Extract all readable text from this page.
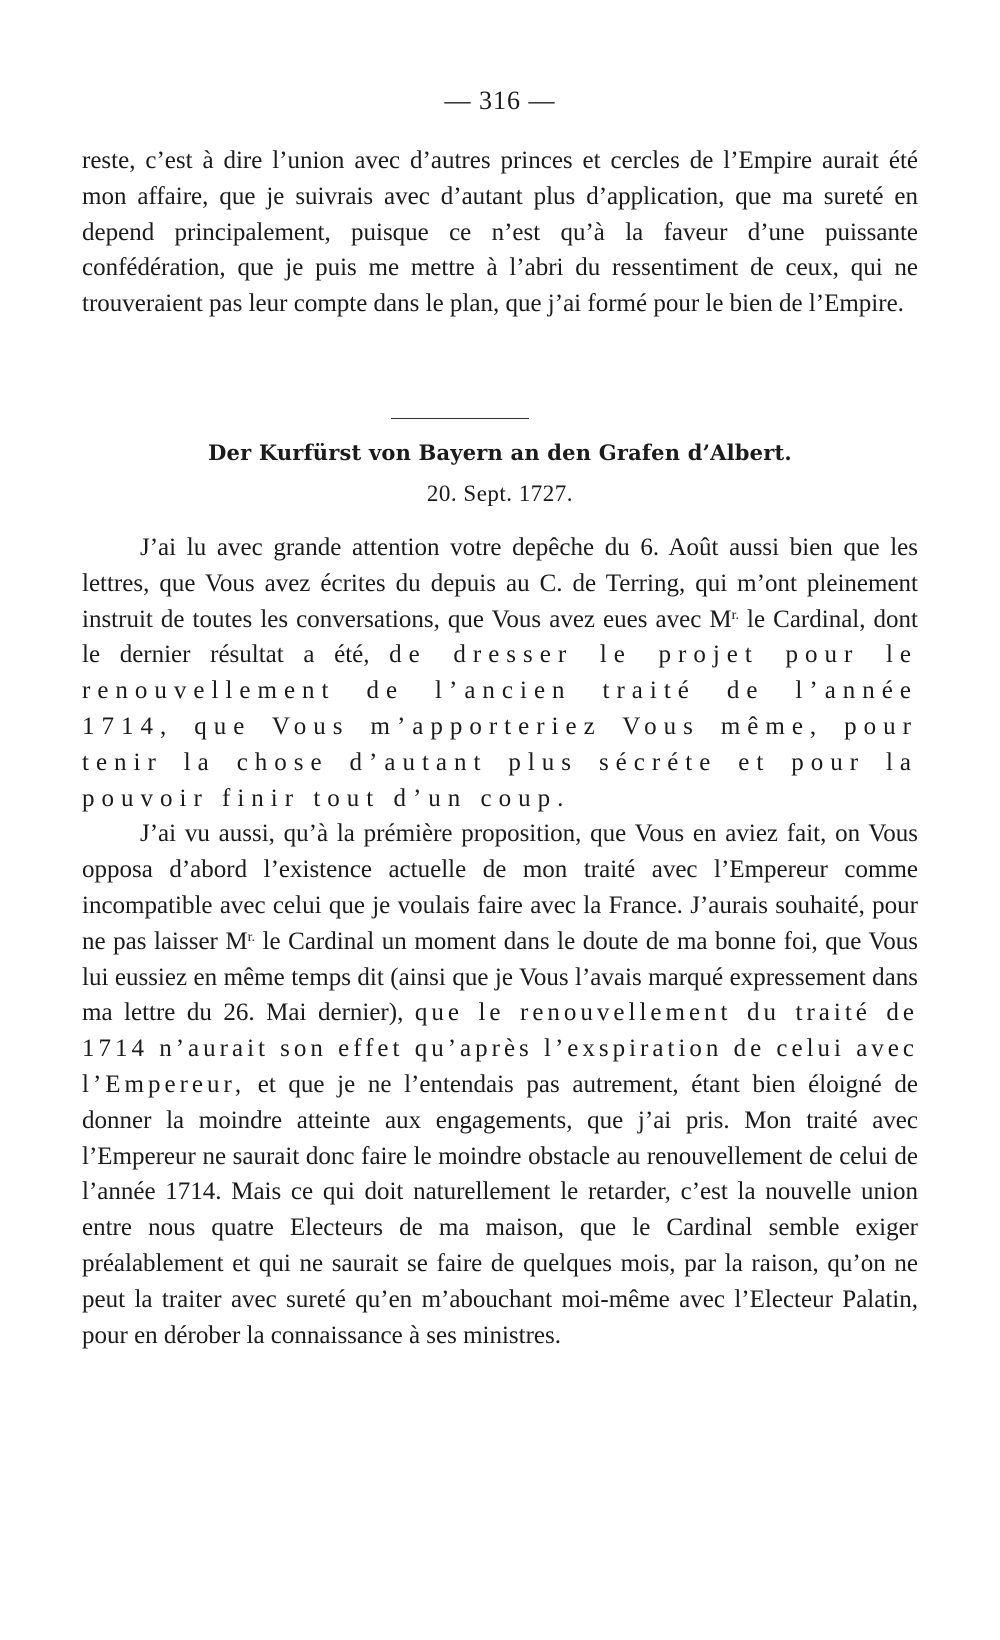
— 316 —

reste, c’est à dire l’union avec d’autres princes et cercles de l’Empire aurait été mon affaire, que je suivrais avec d’autant plus d’application, que ma sureté en depend principalement, puisque ce n’est qu’à la faveur d’une puissante confédération, que je puis me mettre à l’abri du ressentiment de ceux, qui ne trouveraient pas leur compte dans le plan, que j’ai formé pour le bien de l’Empire.

Der Kurfürst von Bayern an den Grafen d’Albert.
20. Sept. 1727.

J’ai lu avec grande attention votre depêche du 6. Août aussi bien que les lettres, que Vous avez écrites du depuis au C. de Terring, qui m’ont pleinement instruit de toutes les conversations, que Vous avez eues avec $M^{r.}$ le Cardinal, dont le dernier résultat a été, de dresser le projet pour le renouvellement de l’ancien traité de l’année 1714, que Vous m’apporteriez Vous même, pour tenir la chose d’autant plus sécréte et pour la pouvoir finir tout d’un coup.

J’ai vu aussi, qu’à la prémière proposition, que Vous en aviez fait, on Vous opposa d’abord l’existence actuelle de mon traité avec l’Empereur comme incompatible avec celui que je voulais faire avec la France. J’aurais souhaité, pour ne pas laisser $M^{r.}$ le Cardinal un moment dans le doute de ma bonne foi, que Vous lui eussiez en même temps dit (ainsi que je Vous l’avais marqué expressement dans ma lettre du 26. Mai dernier), que le renouvellement du traité de 1714 n’aurait son effet qu’après l’exspiration de celui avec l’Empereur, et que je ne l’entendais pas autrement, étant bien éloigné de donner la moindre atteinte aux engagements, que j’ai pris. Mon traité avec l’Empereur ne saurait donc faire le moindre obstacle au renouvellement de celui de l’année 1714. Mais ce qui doit naturellement le retarder, c’est la nouvelle union entre nous quatre Electeurs de ma maison, que le Cardinal semble exiger préalablement et qui ne saurait se faire de quelques mois, par la raison, qu’on ne peut la traiter avec sureté qu’en m’abouchant moi-même avec l’Electeur Palatin, pour en dérober la connaissance à ses ministres.
